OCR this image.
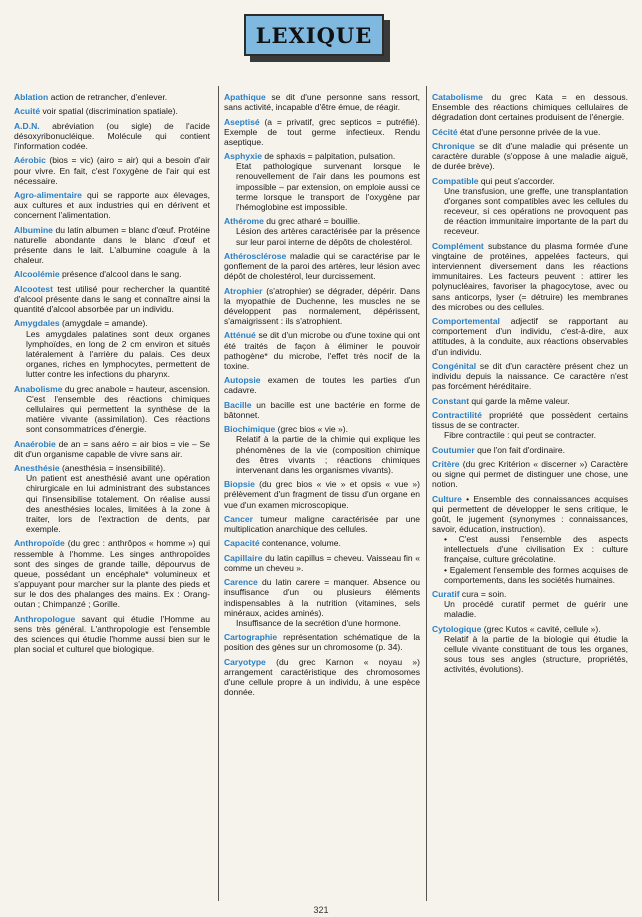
LEXIQUE

Ablation action de retrancher, d'enlever.

Acuité voir spatial (discrimination spatiale).

A.D.N. abréviation (ou sigle) de l'acide désoxyribonucléique. Molécule qui contient l'information codée.

Aérobic (bios = vic) (airo = air) qui a besoin d'air pour vivre. En fait, c'est l'oxygène de l'air qui est nécessaire.

Agro-alimentaire qui se rapporte aux élevages, aux cultures et aux industries qui en dérivent et concernent l'alimentation.

Albumine du latin albumen = blanc d'œuf. Protéine naturelle abondante dans le blanc d'œuf et présente dans le lait. L'albumine coagule à la chaleur.

Alcoolémie présence d'alcool dans le sang.

Alcootest test utilisé pour rechercher la quantité d'alcool présente dans le sang et connaître ainsi la quantité d'alcool absorbée par un individu.

Amygdales (amygdale = amande).

Les amygdales palatines sont deux organes lymphoïdes, en long de 2 cm environ et situés latéralement à l'arrière du palais. Ces deux organes, riches en lymphocytes, permettent de lutter contre les infections du pharynx.

Anabolisme du grec anabole = hauteur, ascension.

C'est l'ensemble des réactions chimiques cellulaires qui permettent la synthèse de la matière vivante (assimilation). Ces réactions sont consommatrices d'énergie.

Anaérobie de an = sans aéro = air bios = vie – Se dit d'un organisme capable de vivre sans air.

Anesthésie (anesthésia = insensibilité).

Un patient est anesthésié avant une opération chirurgicale en lui administrant des substances qui l'insensibilise totalement. On réalise aussi des anesthésies locales, limitées à la zone à traiter, lors de l'extraction de dents, par exemple.

Anthropoïde (du grec : anthrôpos « homme ») qui ressemble à l'homme. Les singes anthropoïdes sont des singes de grande taille, dépourvus de queue, possédant un encéphale* volumineux et s'appuyant pour marcher sur la plante des pieds et sur le dos des phalanges des mains. Ex : Orang-outan ; Chimpanzé ; Gorille.

Anthropologue savant qui étudie l'Homme au sens très général. L'anthropologie est l'ensemble des sciences qui étudie l'homme aussi bien sur le plan social et culturel que biologique.

Apathique se dit d'une personne sans ressort, sans activité, incapable d'être émue, de réagir.

Aseptisé (a = privatif, grec septicos = putréfié). Exemple de tout germe infectieux. Rendu aseptique.

Asphyxie de sphaxis = palpitation, pulsation.

Etat pathologique survenant lorsque le renouvellement de l'air dans les poumons est impossible – par extension, on emploie aussi ce terme lorsque le transport de l'oxygène par l'hémoglobine est impossible.

Athérome du grec atharé = bouillie.

Lésion des artères caractérisée par la présence sur leur paroi interne de dépôts de cholestérol.

Athérosclérose maladie qui se caractérise par le gonflement de la paroi des artères, leur lésion avec dépôt de cholestérol, leur durcissement.

Atrophier (s'atrophier) se dégrader, dépérir. Dans la myopathie de Duchenne, les muscles ne se développent pas normalement, dépérissent, s'amaigrissent : ils s'atrophient.

Atténué se dit d'un microbe ou d'une toxine qui ont été traités de façon à éliminer le pouvoir pathogène* du microbe, l'effet très nocif de la toxine.

Autopsie examen de toutes les parties d'un cadavre.

Bacille un bacille est une bactérie en forme de bâtonnet.

Biochimique (grec bios « vie »).

Relatif à la partie de la chimie qui explique les phénomènes de la vie (composition chimique des êtres vivants ; réactions chimiques intervenant dans les organismes vivants).

Biopsie (du grec bios « vie » et opsis « vue ») prélèvement d'un fragment de tissu d'un organe en vue d'un examen microscopique.

Cancer tumeur maligne caractérisée par une multiplication anarchique des cellules.

Capacité contenance, volume.

Capillaire du latin capillus = cheveu. Vaisseau fin « comme un cheveu ».

Carence du latin carere = manquer. Absence ou insuffisance d'un ou plusieurs éléments indispensables à la nutrition (vitamines, sels minéraux, acides aminés).

Insuffisance de la secrétion d'une hormone.

Cartographie représentation schématique de la position des gènes sur un chromosome (p. 34).

Caryotype (du grec Karnon « noyau ») arrangement caractéristique des chromosomes d'une cellule propre à un individu, à une espèce donnée.

Catabolisme du grec Kata = en dessous. Ensemble des réactions chimiques cellulaires de dégradation dont certaines produisent de l'énergie.

Cécité état d'une personne privée de la vue.

Chronique se dit d'une maladie qui présente un caractère durable (s'oppose à une maladie aiguë, de durée brève).

Compatible qui peut s'accorder.

Une transfusion, une greffe, une transplantation d'organes sont compatibles avec les cellules du receveur, si ces opérations ne provoquent pas de réaction immunitaire importante de la part du receveur.

Complément substance du plasma formée d'une vingtaine de protéines, appelées facteurs, qui interviennent diversement dans les réactions immunitaires. Les facteurs peuvent : attirer les polynucléaires, favoriser la phagocytose, avec ou sans anticorps, lyser (= détruire) les membranes des microbes ou des cellules.

Comportemental adjectif se rapportant au comportement d'un individu, c'est-à-dire, aux attitudes, à la conduite, aux réactions observables d'un individu.

Congénital se dit d'un caractère présent chez un individu depuis la naissance. Ce caractère n'est pas forcément héréditaire.

Constant qui garde la même valeur.

Contractilité propriété que possèdent certains tissus de se contracter.

Fibre contractile : qui peut se contracter.

Coutumier que l'on fait d'ordinaire.

Critère (du grec Kritérion « discerner ») Caractère ou signe qui permet de distinguer une chose, une notion.

Culture • Ensemble des connaissances acquises qui permettent de développer le sens critique, le goût, le jugement (synonymes : connaissances, savoir, éducation, instruction).

• C'est aussi l'ensemble des aspects intellectuels d'une civilisation Ex : culture française, culture grécolatine.

• Egalement l'ensemble des formes acquises de comportements, dans les sociétés humaines.

Curatif cura = soin.

Un procédé curatif permet de guérir une maladie.

Cytologique (grec Kutos « cavité, cellule »).

Relatif à la partie de la biologie qui étudie la cellule vivante constituant de tous les organes, sous tous ses angles (structure, propriétés, activités, évolutions).

321
